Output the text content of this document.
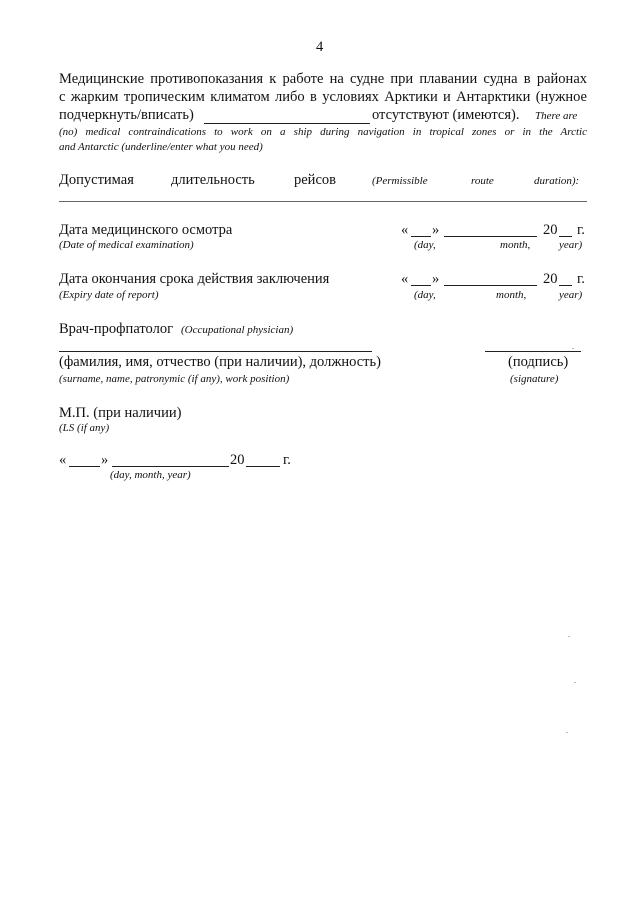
4
Медицинские противопоказания к работе на судне при плавании судна в районах
с жарким тропическим климатом либо в условиях Арктики и Антарктики (нужное
подчеркнуть/вписать)	отсутствуют (имеются). There are
(no) medical contraindications to work on a ship during navigation in tropical zones or in the Arctic
and Antarctic (underline/enter what you need)
Допустимая	длительность	рейсов	(Permissible	route	duration):
Дата медицинского осмотра
(Date of medical examination)
« »	20 г.
(day,	month,	year)
Дата окончания срока действия заключения
(Expiry date of report)
« »	20 г.
(day,	month,	year)
Врач-профпатолог (Occupational physician)
(фамилия, имя, отчество (при наличии), должность)
(surname, name, patronymic (if any), work position)
(подпись)
(signature)
М.П. (при наличии)
(LS (if any)
« »	20	г.
(day, month, year)
